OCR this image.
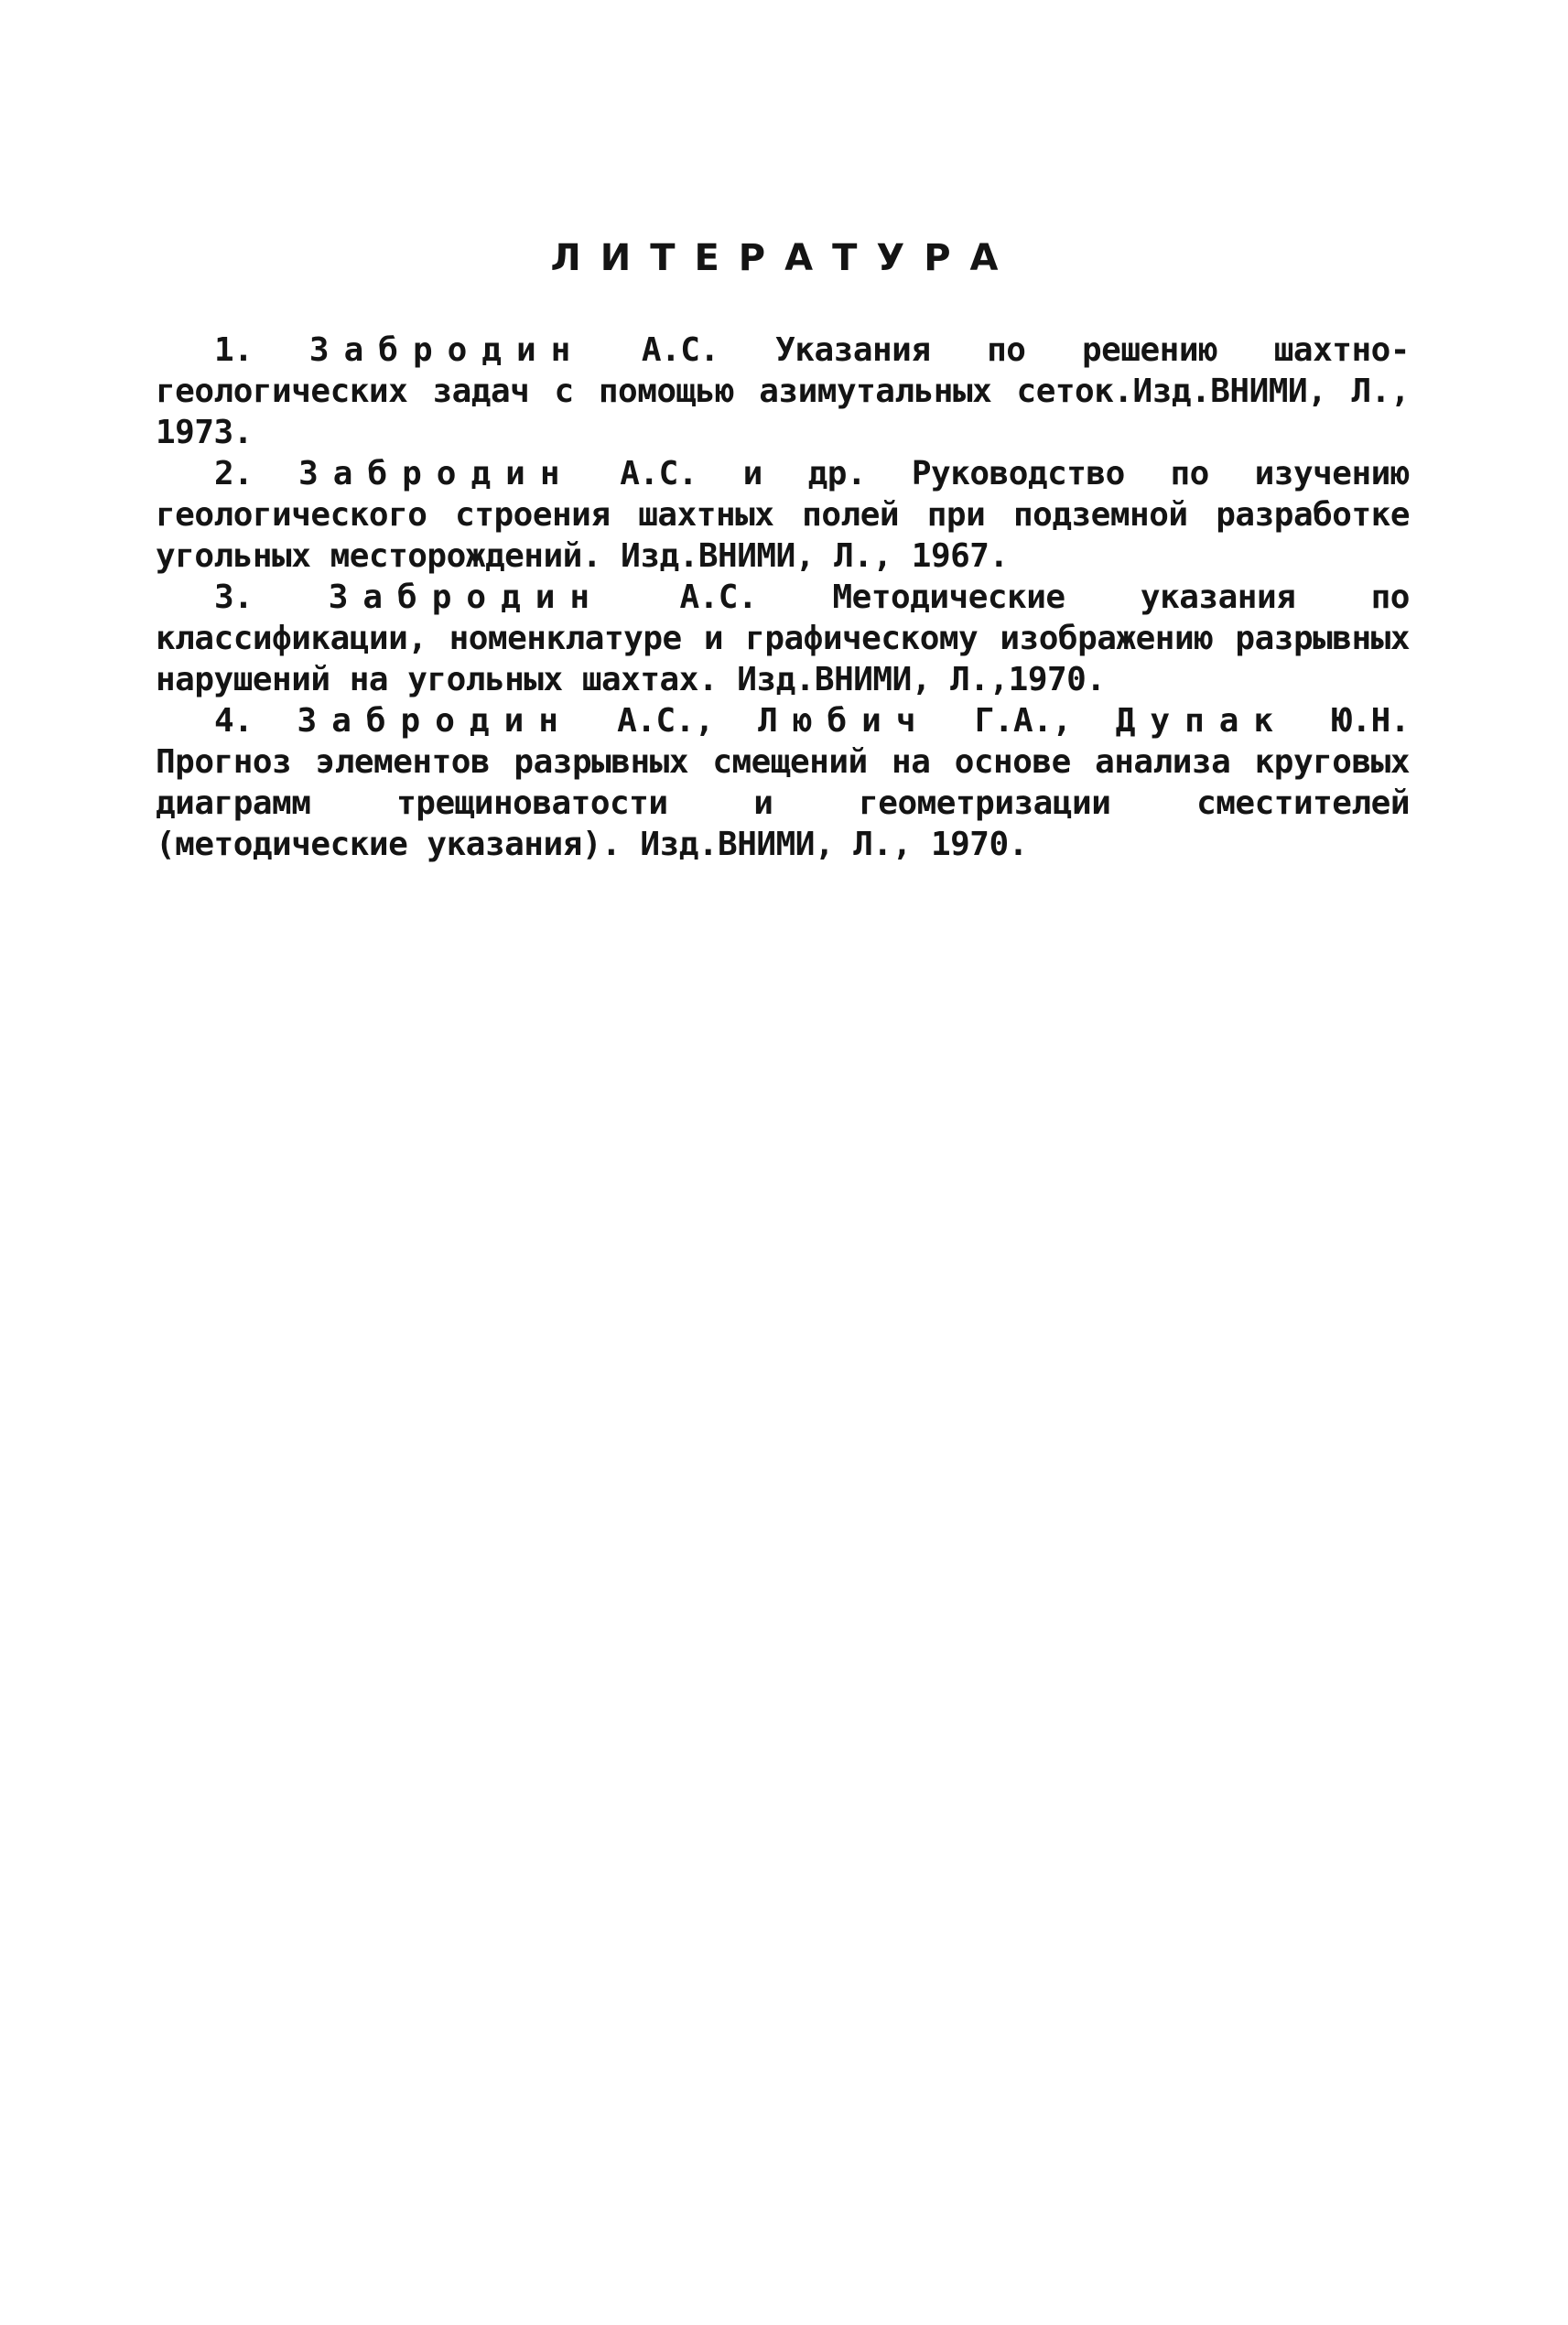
ЛИТЕРАТУРА
1. Забродин А.С. Указания по решению шахтно-геологических задач с помощью азимутальных сеток.Изд.ВНИМИ, Л., 1973.
2. Забродин А.С. и др. Руководство по изучению геологического строения шахтных полей при подземной разработке угольных месторождений. Изд.ВНИМИ, Л., 1967.
3. Забродин А.С. Методические указания по классификации, номенклатуре и графическому изображению разрывных нарушений на угольных шахтах. Изд.ВНИМИ, Л.,1970.
4. Забродин А.С., Любич Г.А., Дупак Ю.Н. Прогноз элементов разрывных смещений на основе анализа круговых диаграмм трещиноватости и геометризации сместителей (методические указания). Изд.ВНИМИ, Л., 1970.
